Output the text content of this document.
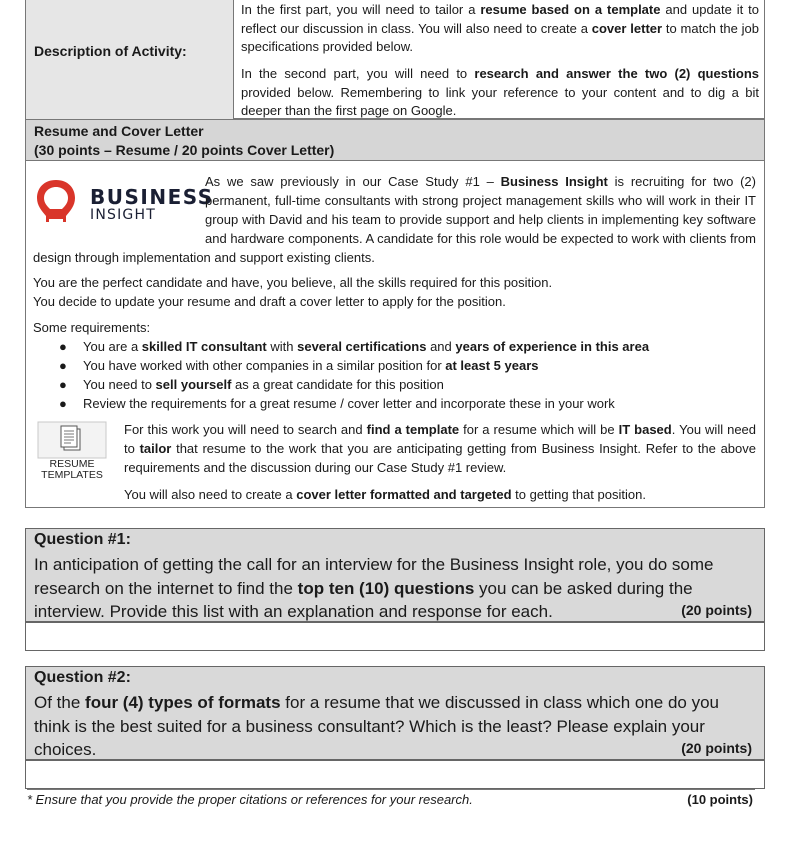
Description of Activity:

In the first part, you will need to tailor a resume based on a template and update it to reflect our discussion in class. You will also need to create a cover letter to match the job specifications provided below.

In the second part, you will need to research and answer the two (2) questions provided below. Remembering to link your reference to your content and to dig a bit deeper than the first page on Google.

Resume and Cover Letter
(30 points – Resume / 20 points Cover Letter)
BUSINESS
INSIGHT

As we saw previously in our Case Study #1 – Business Insight is recruiting for two (2) permanent, full-time consultants with strong project management skills who will work in their IT group with David and his team to provide support and help clients in implementing key software and hardware components. A candidate for this role would be expected to work with clients from design through implementation and support existing clients.

You are the perfect candidate and have, you believe, all the skills required for this position.
You decide to update your resume and draft a cover letter to apply for the position.

Some requirements:

● You are a skilled IT consultant with several certifications and years of experience in this area
● You have worked with other companies in a similar position for at least 5 years
● You need to sell yourself as a great candidate for this position
● Review the requirements for a great resume / cover letter and incorporate these in your work
RESUME TEMPLATES

For this work you will need to search and find a template for a resume which will be IT based. You will need to tailor that resume to the work that you are anticipating getting from Business Insight. Refer to the above requirements and the discussion during our Case Study #1 review.

You will also need to create a cover letter formatted and targeted to getting that position.

Question #1:

In anticipation of getting the call for an interview for the Business Insight role, you do some research on the internet to find the top ten (10) questions you can be asked during the interview. Provide this list with an explanation and response for each.	(20 points)
Question #2:

Of the four (4) types of formats for a resume that we discussed in class which one do you think is the best suited for a business consultant? Which is the least? Please explain your choices.	(20 points)
* Ensure that you provide the proper citations or references for your research.	(10 points)
